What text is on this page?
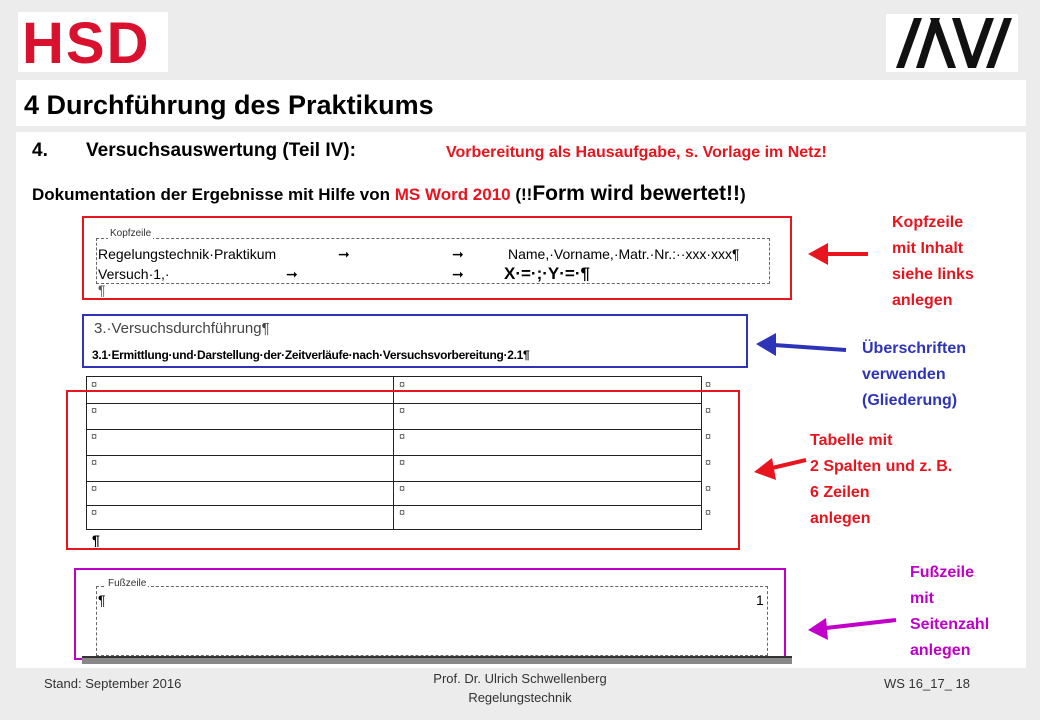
HSD
4 Durchführung des Praktikums
4. Versuchsauswertung (Teil IV):	Vorbereitung als Hausaufgabe, s. Vorlage im Netz!
Dokumentation der Ergebnisse mit Hilfe von MS Word 2010 (!!Form wird bewertet!!)
Kopfzeile
Regelungstechnik·Praktikum	➞	➞	Name,·Vorname,·Matr.·Nr.:··xxx·xxx¶
Versuch·1,·	➞	➞ X·=·;·Y·=·¶
¶
3.·Versuchsdurchführung¶
3.1·Ermittlung·und·Darstellung·der·Zeitverläufe·nach·Versuchsvorbereitung·2.1¶
¤	¤	¤
¤	¤	¤
¤	¤	¤
¤	¤	¤
¤	¤	¤
¤	¤	¤
¶
Fußzeile
¶	1
Kopfzeile
mit Inhalt
siehe links
anlegen
Überschriften
verwenden
(Gliederung)
Tabelle mit
2 Spalten und z. B.
6 Zeilen
anlegen
Fußzeile
mit
Seitenzahl
anlegen
Stand: September 2016	Prof. Dr. Ulrich Schwellenberg
Regelungstechnik
WS 16_17_ 18
